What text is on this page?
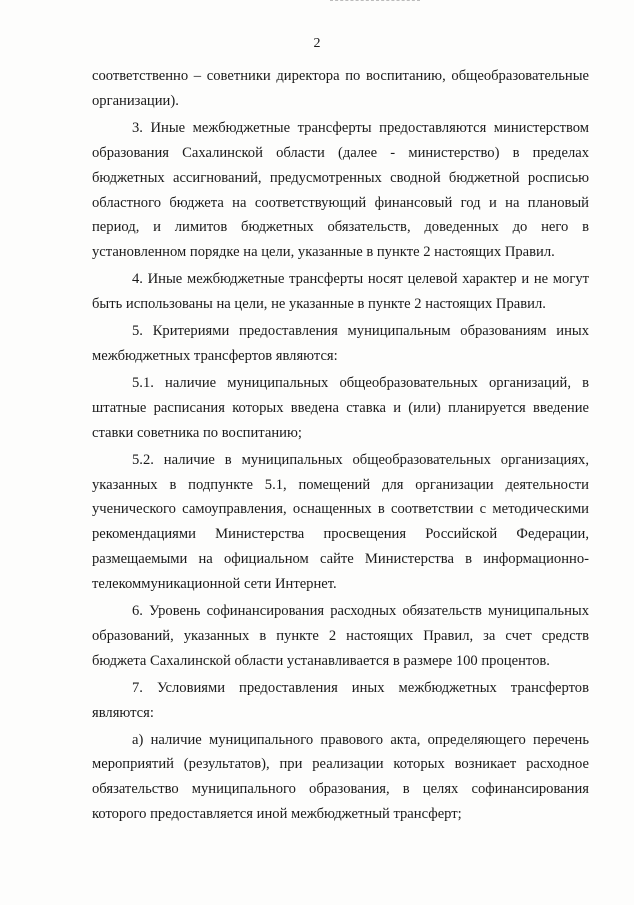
2

соответственно – советники директора по воспитанию, общеобразовательные организации).

3. Иные межбюджетные трансферты предоставляются министерством образования Сахалинской области (далее - министерство) в пределах бюджетных ассигнований, предусмотренных сводной бюджетной росписью областного бюджета на соответствующий финансовый год и на плановый период, и лимитов бюджетных обязательств, доведенных до него в установленном порядке на цели, указанные в пункте 2 настоящих Правил.

4. Иные межбюджетные трансферты носят целевой характер и не могут быть использованы на цели, не указанные в пункте 2 настоящих Правил.

5. Критериями предоставления муниципальным образованиям иных межбюджетных трансфертов являются:

5.1. наличие муниципальных общеобразовательных организаций, в штатные расписания которых введена ставка и (или) планируется введение ставки советника по воспитанию;

5.2. наличие в муниципальных общеобразовательных организациях, указанных в подпункте 5.1, помещений для организации деятельности ученического самоуправления, оснащенных в соответствии с методическими рекомендациями Министерства просвещения Российской Федерации, размещаемыми на официальном сайте Министерства в информационно-телекоммуникационной сети Интернет.

6. Уровень софинансирования расходных обязательств муниципальных образований, указанных в пункте 2 настоящих Правил, за счет средств бюджета Сахалинской области устанавливается в размере 100 процентов.

7. Условиями предоставления иных межбюджетных трансфертов являются:

а) наличие муниципального правового акта, определяющего перечень мероприятий (результатов), при реализации которых возникает расходное обязательство муниципального образования, в целях софинансирования которого предоставляется иной межбюджетный трансферт;
